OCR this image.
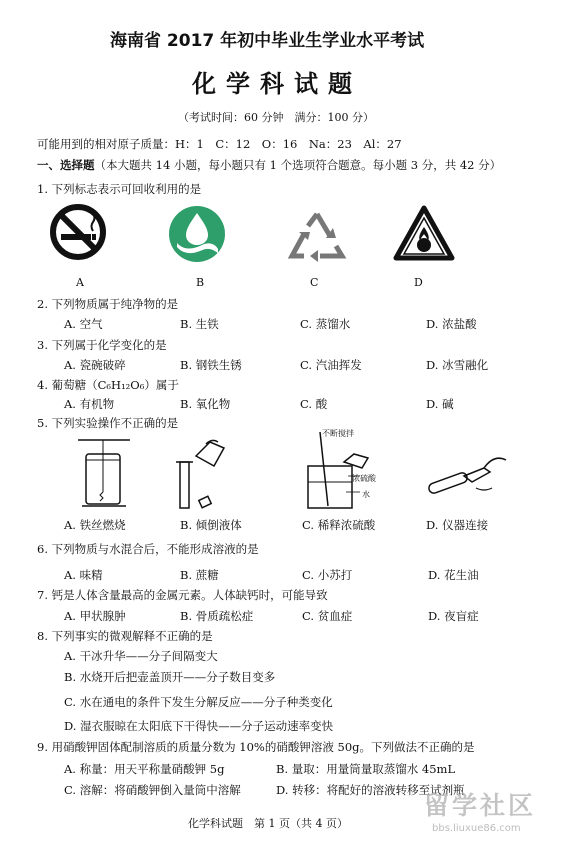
海南省 2017 年初中毕业生学业水平考试
化学科试题
（考试时间：60 分钟　满分：100 分）
可能用到的相对原子质量：H：1　C：12　O：16　Na：23　Al：27
一、选择题（本大题共 14 小题，每小题只有 1 个选项符合题意。每小题 3 分，共 42 分）
1. 下列标志表示可回收利用的是
A	B	C	D
2. 下列物质属于纯净物的是
A. 空气	B. 生铁	C. 蒸馏水	D. 浓盐酸
3. 下列属于化学变化的是
A. 瓷碗破碎	B. 钢铁生锈	C. 汽油挥发	D. 冰雪融化
4. 葡萄糖（C₆H₁₂O₆）属于
A. 有机物	B. 氧化物	C. 酸	D. 碱
5. 下列实验操作不正确的是
不断搅拌
浓硫酸
水
A. 铁丝燃烧	B. 倾倒液体	C. 稀释浓硫酸	D. 仪器连接
6. 下列物质与水混合后，不能形成溶液的是
A. 味精	B. 蔗糖	C. 小苏打	D. 花生油
7. 钙是人体含量最高的金属元素。人体缺钙时，可能导致
A. 甲状腺肿	B. 骨质疏松症	C. 贫血症	D. 夜盲症
8. 下列事实的微观解释不正确的是
A. 干冰升华——分子间隔变大
B. 水烧开后把壶盖顶开——分子数目变多
C. 水在通电的条件下发生分解反应——分子种类变化
D. 湿衣服晾在太阳底下干得快——分子运动速率变快
9. 用硝酸钾固体配制溶质的质量分数为 10%的硝酸钾溶液 50g。下列做法不正确的是
A. 称量：用天平称量硝酸钾 5g	B. 量取：用量筒量取蒸馏水 45mL
C. 溶解：将硝酸钾倒入量筒中溶解	D. 转移：将配好的溶液转移至试剂瓶
化学科试题　第 1 页（共 4 页）
留学社区
bbs.liuxue86.com
